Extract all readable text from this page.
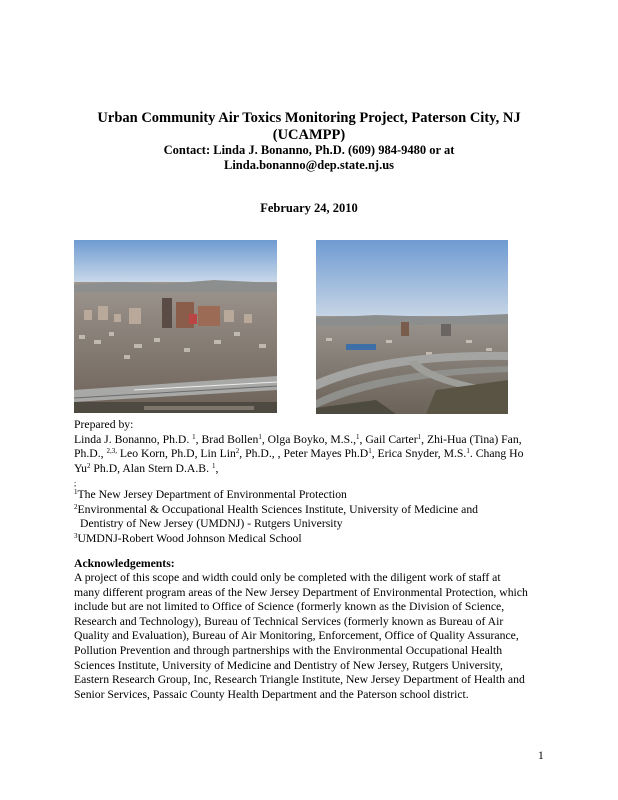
Urban Community Air Toxics Monitoring Project, Paterson City, NJ
(UCAMPP)
Contact: Linda J. Bonanno, Ph.D. (609) 984-9480 or at
Linda.bonanno@dep.state.nj.us
February 24, 2010
Prepared by:
Linda J. Bonanno, Ph.D. $^1$, Brad Bollen$^1$, Olga Boyko, M.S.,$^1$, Gail Carter$^1$, Zhi-Hua (Tina) Fan,
Ph.D., $^{2,3,}$ Leo Korn, Ph.D, Lin Lin$^2$, Ph.D., , Peter Mayes $Ph.D^1$, Erica Snyder, M.S.$^1$. Chang Ho
Yu$^2$ Ph.D, Alan Stern D.A.B. $^1$,
;
$^1$The New Jersey Department of Environmental Protection
$^2$Environmental & Occupational Health Sciences Institute, University of Medicine and
Dentistry of New Jersey (UMDNJ) - Rutgers University
$^3$UMDNJ-Robert Wood Johnson Medical School
Acknowledgements:
A project of this scope and width could only be completed with the diligent work of staff at
many different program areas of the New Jersey Department of Environmental Protection, which
include but are not limited to Office of Science (formerly known as the Division of Science,
Research and Technology), Bureau of Technical Services (formerly known as Bureau of Air
Quality and Evaluation), Bureau of Air Monitoring, Enforcement, Office of Quality Assurance,
Pollution Prevention and through partnerships with the Environmental Occupational Health
Sciences Institute, University of Medicine and Dentistry of New Jersey, Rutgers University,
Eastern Research Group, Inc, Research Triangle Institute, New Jersey Department of Health and
Senior Services, Passaic County Health Department and the Paterson school district.
1
